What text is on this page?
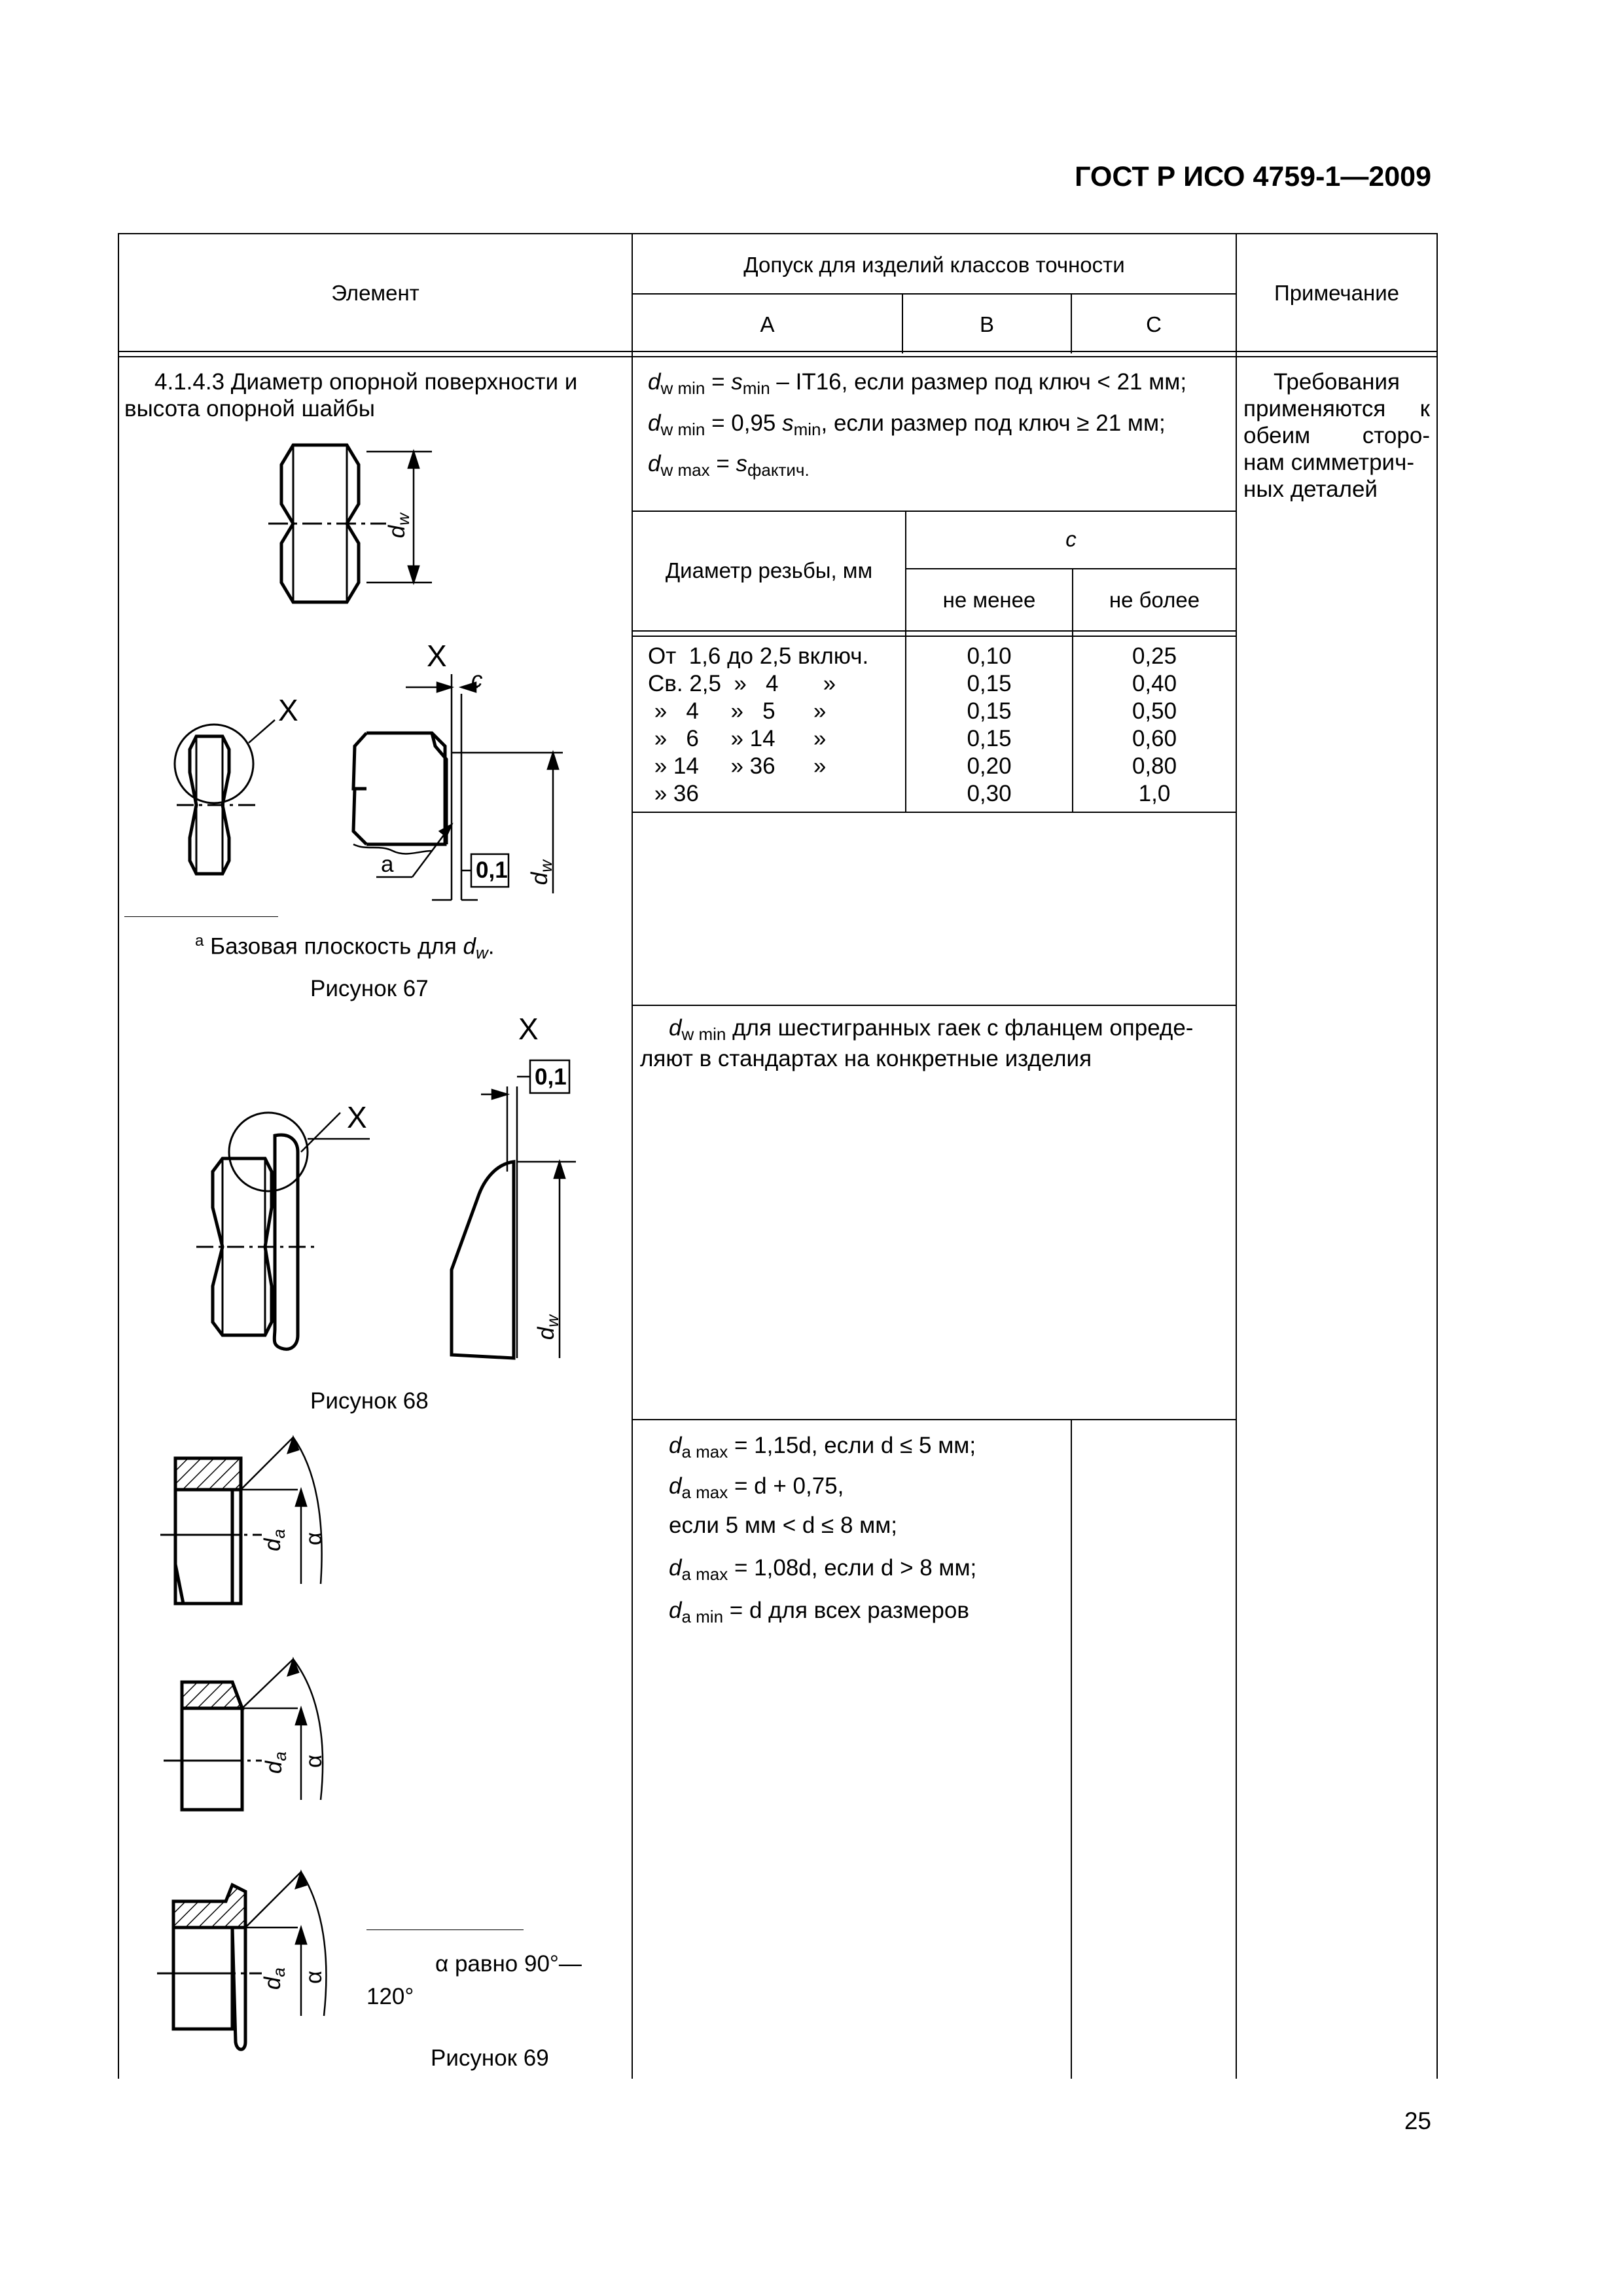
ГОСТ Р ИСО 4759-1—2009
Элемент
Допуск для изделий классов точности
A	B	C
Примечание
4.1.4.3 Диаметр опорной поверхности и
высота опорной шайбы
$d_{w min} = s_{min} - IT16$, если размер под ключ < 21 мм;
$d_{w min} = 0,95$ $s_{min}$, если размер под ключ ≥ 21 мм;
$d_{w max} = s_{фактич.}$
Требования
применяются к
обеим сторо-
нам симметрич-
ных деталей
Диаметр резьбы, мм
c
не менее	не более
От  1,6 до 2,5 включ.	0,10	0,25
Св. 2,5  »   4       »	0,15	0,40
»   4     »   5      »	0,15	0,50
»   6     » 14      »	0,15	0,60
» 14     » 36      »	0,20	0,80
» 36	0,30	1,0
$^a$ Базовая плоскость для $d_w$.
Рисунок 67
$d_{w min}$ для шестигранных гаек с фланцем опреде-
ляют в стандартах на конкретные изделия
Рисунок 68
$d_{a max} = 1,15d$, если d ≤ 5 мм;
$d_{a max} = d + 0,75$,
если 5 мм < d ≤ 8 мм;
$d_{a max} = 1,08d$, если d > 8 мм;
$d_{a min} = d$ для всех размеров
α равно 90°—
120°
Рисунок 69
25
$d_w$
X
X
c
a	0,1 $d_w$
X
X
0,1
$d_w$
$d_a$ α
$d_a$ α
$d_a$ α
